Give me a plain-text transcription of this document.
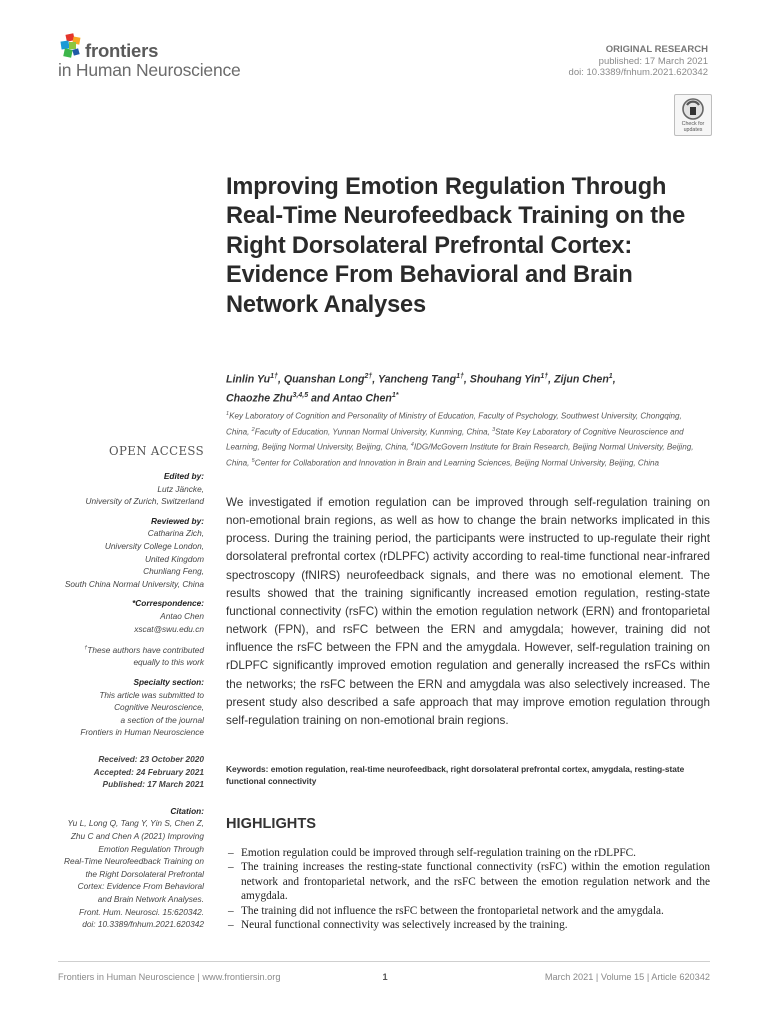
frontiers
in Human Neuroscience
ORIGINAL RESEARCH
published: 17 March 2021
doi: 10.3389/fnhum.2021.620342
Check for updates
Improving Emotion Regulation Through Real-Time Neurofeedback Training on the Right Dorsolateral Prefrontal Cortex: Evidence From Behavioral and Brain Network Analyses
Linlin $Yu^{1\dagger}$, Quanshan Long$^{2\dagger}$, Yancheng Tang$^{1\dagger}$, Shouhang Yin$^{1\dagger}$, Zijun Chen$^1$,
Chaozhe Zhu$^{3,4,5}$ and Antao Chen$^{1*}$
$^1$Key Laboratory of Cognition and Personality of Ministry of Education, Faculty of Psychology, Southwest University, Chongqing, China, $^2$Faculty of Education, Yunnan Normal University, Kunming, China, $^3$State Key Laboratory of Cognitive Neuroscience and Learning, Beijing Normal University, Beijing, China, $^4$IDG/McGovern Institute for Brain Research, Beijing Normal University, Beijing, China, $^5$Center for Collaboration and Innovation in Brain and Learning Sciences, Beijing Normal University, Beijing, China
OPEN ACCESS
Edited by:
Lutz Jäncke,
University of Zurich, Switzerland
Reviewed by:
Catharina Zich,
University College London,
United Kingdom
Chunliang Feng,
South China Normal University, China
*Correspondence:
Antao Chen
xscat@swu.edu.cn
†These authors have contributed
equally to this work
Specialty section:
This article was submitted to
Cognitive Neuroscience,
a section of the journal
Frontiers in Human Neuroscience
Received: 23 October 2020
Accepted: 24 February 2021
Published: 17 March 2021
Citation:
Yu L, Long Q, Tang Y, Yin S, Chen Z,
Zhu C and Chen A (2021) Improving
Emotion Regulation Through
Real-Time Neurofeedback Training on
the Right Dorsolateral Prefrontal
Cortex: Evidence From Behavioral
and Brain Network Analyses.
Front. Hum. Neurosci. 15:620342.
doi: 10.3389/fnhum.2021.620342
We investigated if emotion regulation can be improved through self-regulation training on non-emotional brain regions, as well as how to change the brain networks implicated in this process. During the training period, the participants were instructed to up-regulate their right dorsolateral prefrontal cortex (rDLPFC) activity according to real-time functional near-infrared spectroscopy (fNIRS) neurofeedback signals, and there was no emotional element. The results showed that the training significantly increased emotion regulation, resting-state functional connectivity (rsFC) within the emotion regulation network (ERN) and frontoparietal network (FPN), and rsFC between the ERN and amygdala; however, training did not influence the rsFC between the FPN and the amygdala. However, self-regulation training on rDLPFC significantly improved emotion regulation and generally increased the rsFCs within the networks; the rsFC between the ERN and amygdala was also selectively increased. The present study also described a safe approach that may improve emotion regulation through self-regulation training on non-emotional brain regions.
Keywords: emotion regulation, real-time neurofeedback, right dorsolateral prefrontal cortex, amygdala, resting-state functional connectivity
HIGHLIGHTS
– Emotion regulation could be improved through self-regulation training on the rDLPFC.
– The training increases the resting-state functional connectivity (rsFC) within the emotion regulation network and frontoparietal network, and the rsFC between the emotion regulation network and the amygdala.
– The training did not influence the rsFC between the frontoparietal network and the amygdala.
– Neural functional connectivity was selectively increased by the training.
Frontiers in Human Neuroscience | www.frontiersin.org	1	March 2021 | Volume 15 | Article 620342
